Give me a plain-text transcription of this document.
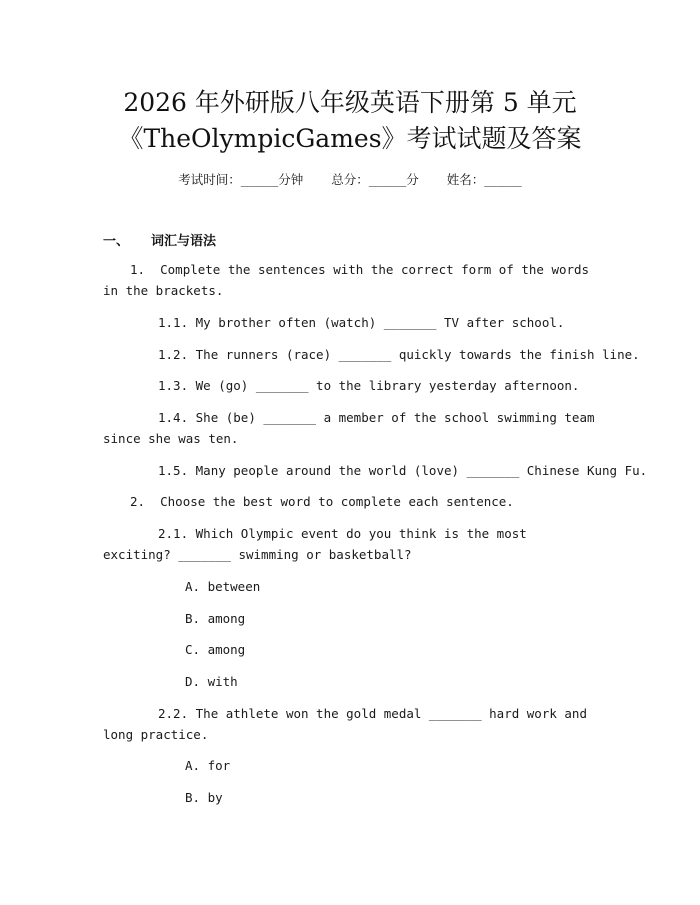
2026 年外研版八年级英语下册第 5 单元
《TheOlympicGames》考试试题及答案
考试时间：______分钟 总分：______分 姓名：______
一、 词汇与语法
1. Complete the sentences with the correct form of the words in the brackets.
1.1. My brother often (watch) _______ TV after school.
1.2. The runners (race) _______ quickly towards the finish line.
1.3. We (go) _______ to the library yesterday afternoon.
1.4. She (be) _______ a member of the school swimming team since she was ten.
1.5. Many people around the world (love) _______ Chinese Kung Fu.
2. Choose the best word to complete each sentence.
2.1. Which Olympic event do you think is the most exciting? _______ swimming or basketball?
A. between
B. among
C. among
D. with
2.2. The athlete won the gold medal _______ hard work and long practice.
A. for
B. by
